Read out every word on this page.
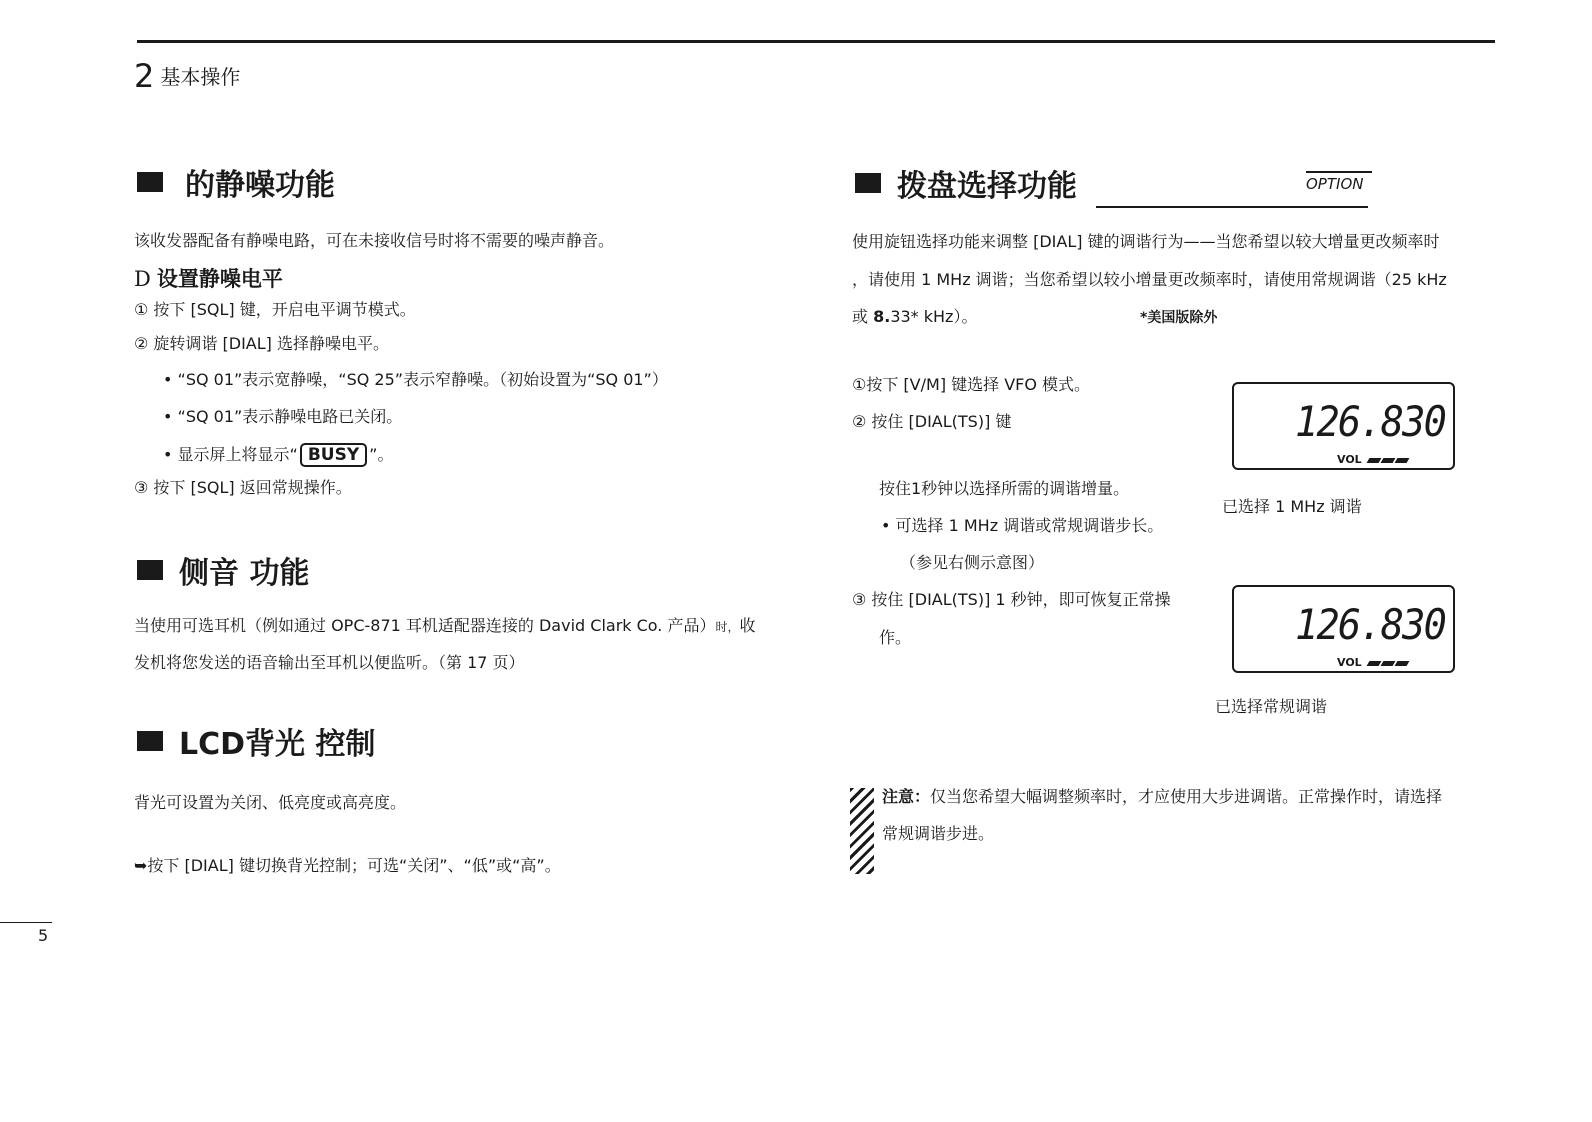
2 基本操作
的静噪功能
该收发器配备有静噪电路，可在未接收信号时将不需要的噪声静音。
D 设置静噪电平
① 按下 [SQL] 键，开启电平调节模式。
② 旋转调谐 [DIAL] 选择静噪电平。
• “SQ 01”表示宽静噪，“SQ 25”表示窄静噪。（初始设置为“SQ 01”）
• “SQ 01”表示静噪电路已关闭。
• 显示屏上将显示“ BUSY ”。
③ 按下 [SQL] 返回常规操作。
侧音 功能
当使用可选耳机（例如通过 OPC-871 耳机适配器连接的 David Clark Co. 产品）时，收
发机将您发送的语音输出至耳机以便监听。（第 17 页）
LCD背光 控制
背光可设置为关闭、低亮度或高亮度。
➥按下 [DIAL] 键切换背光控制；可选“关闭”、“低”或“高”。
拨盘选择功能	OPTION
使用旋钮选择功能来调整 [DIAL] 键的调谐行为——当您希望以较大增量更改频率时
，请使用 1 MHz 调谐；当您希望以较小增量更改频率时，请使用常规调谐（25 kHz
或 8.33* kHz）。	*美国版除外
①按下 [V/M] 键选择 VFO 模式。
② 按住 [DIAL(TS)] 键
按住1秒钟以选择所需的调谐增量。
• 可选择 1 MHz 调谐或常规调谐步长。
（参见右侧示意图）
③ 按住 [DIAL(TS)] 1 秒钟，即可恢复正常操
作。
126.830
VOL
已选择 1 MHz 调谐
126.830
VOL
已选择常规调谐
注意：仅当您希望大幅调整频率时，才应使用大步进调谐。正常操作时，请选择
常规调谐步进。
5
